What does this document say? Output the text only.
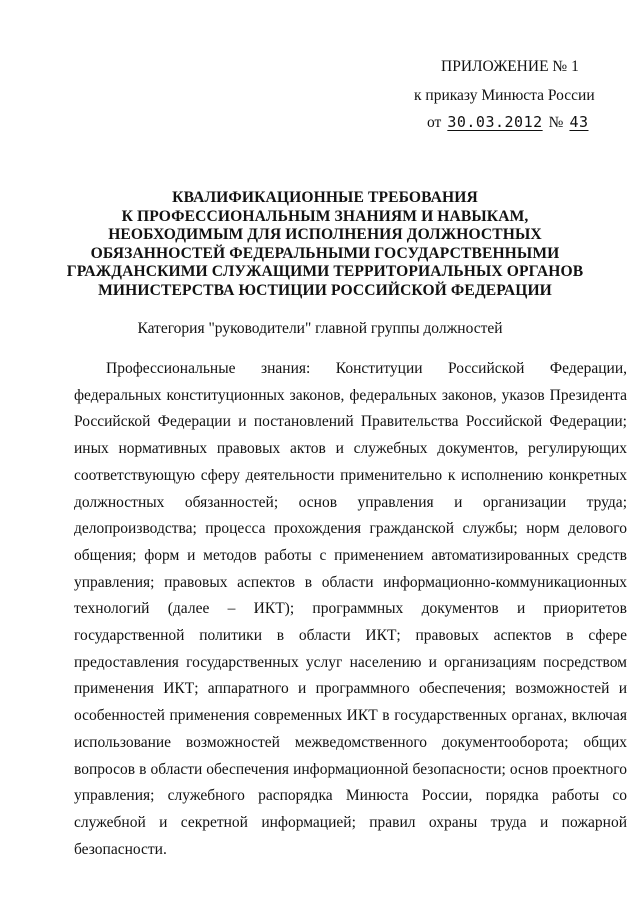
ПРИЛОЖЕНИЕ № 1
к приказу Минюста России
от 30.03.2012 № 43
КВАЛИФИКАЦИОННЫЕ ТРЕБОВАНИЯ
К ПРОФЕССИОНАЛЬНЫМ ЗНАНИЯМ И НАВЫКАМ,
НЕОБХОДИМЫМ ДЛЯ ИСПОЛНЕНИЯ ДОЛЖНОСТНЫХ
ОБЯЗАННОСТЕЙ ФЕДЕРАЛЬНЫМИ ГОСУДАРСТВЕННЫМИ
ГРАЖДАНСКИМИ СЛУЖАЩИМИ ТЕРРИТОРИАЛЬНЫХ ОРГАНОВ
МИНИСТЕРСТВА ЮСТИЦИИ РОССИЙСКОЙ ФЕДЕРАЦИИ
Категория "руководители" главной группы должностей

Профессиональные знания: Конституции Российской Федерации, федеральных конституционных законов, федеральных законов, указов Президента Российской Федерации и постановлений Правительства Российской Федерации; иных нормативных правовых актов и служебных документов, регулирующих соответствующую сферу деятельности применительно к исполнению конкретных должностных обязанностей; основ управления и организации труда; делопроизводства; процесса прохождения гражданской службы; норм делового общения; форм и методов работы с применением автоматизированных средств управления; правовых аспектов в области информационно-коммуникационных технологий (далее – ИКТ); программных документов и приоритетов государственной политики в области ИКТ; правовых аспектов в сфере предоставления государственных услуг населению и организациям посредством применения ИКТ; аппаратного и программного обеспечения; возможностей и особенностей применения современных ИКТ в государственных органах, включая использование возможностей межведомственного документооборота; общих вопросов в области обеспечения информационной безопасности; основ проектного управления; служебного распорядка Минюста России, порядка работы со служебной и секретной информацией; правил охраны труда и пожарной безопасности.
